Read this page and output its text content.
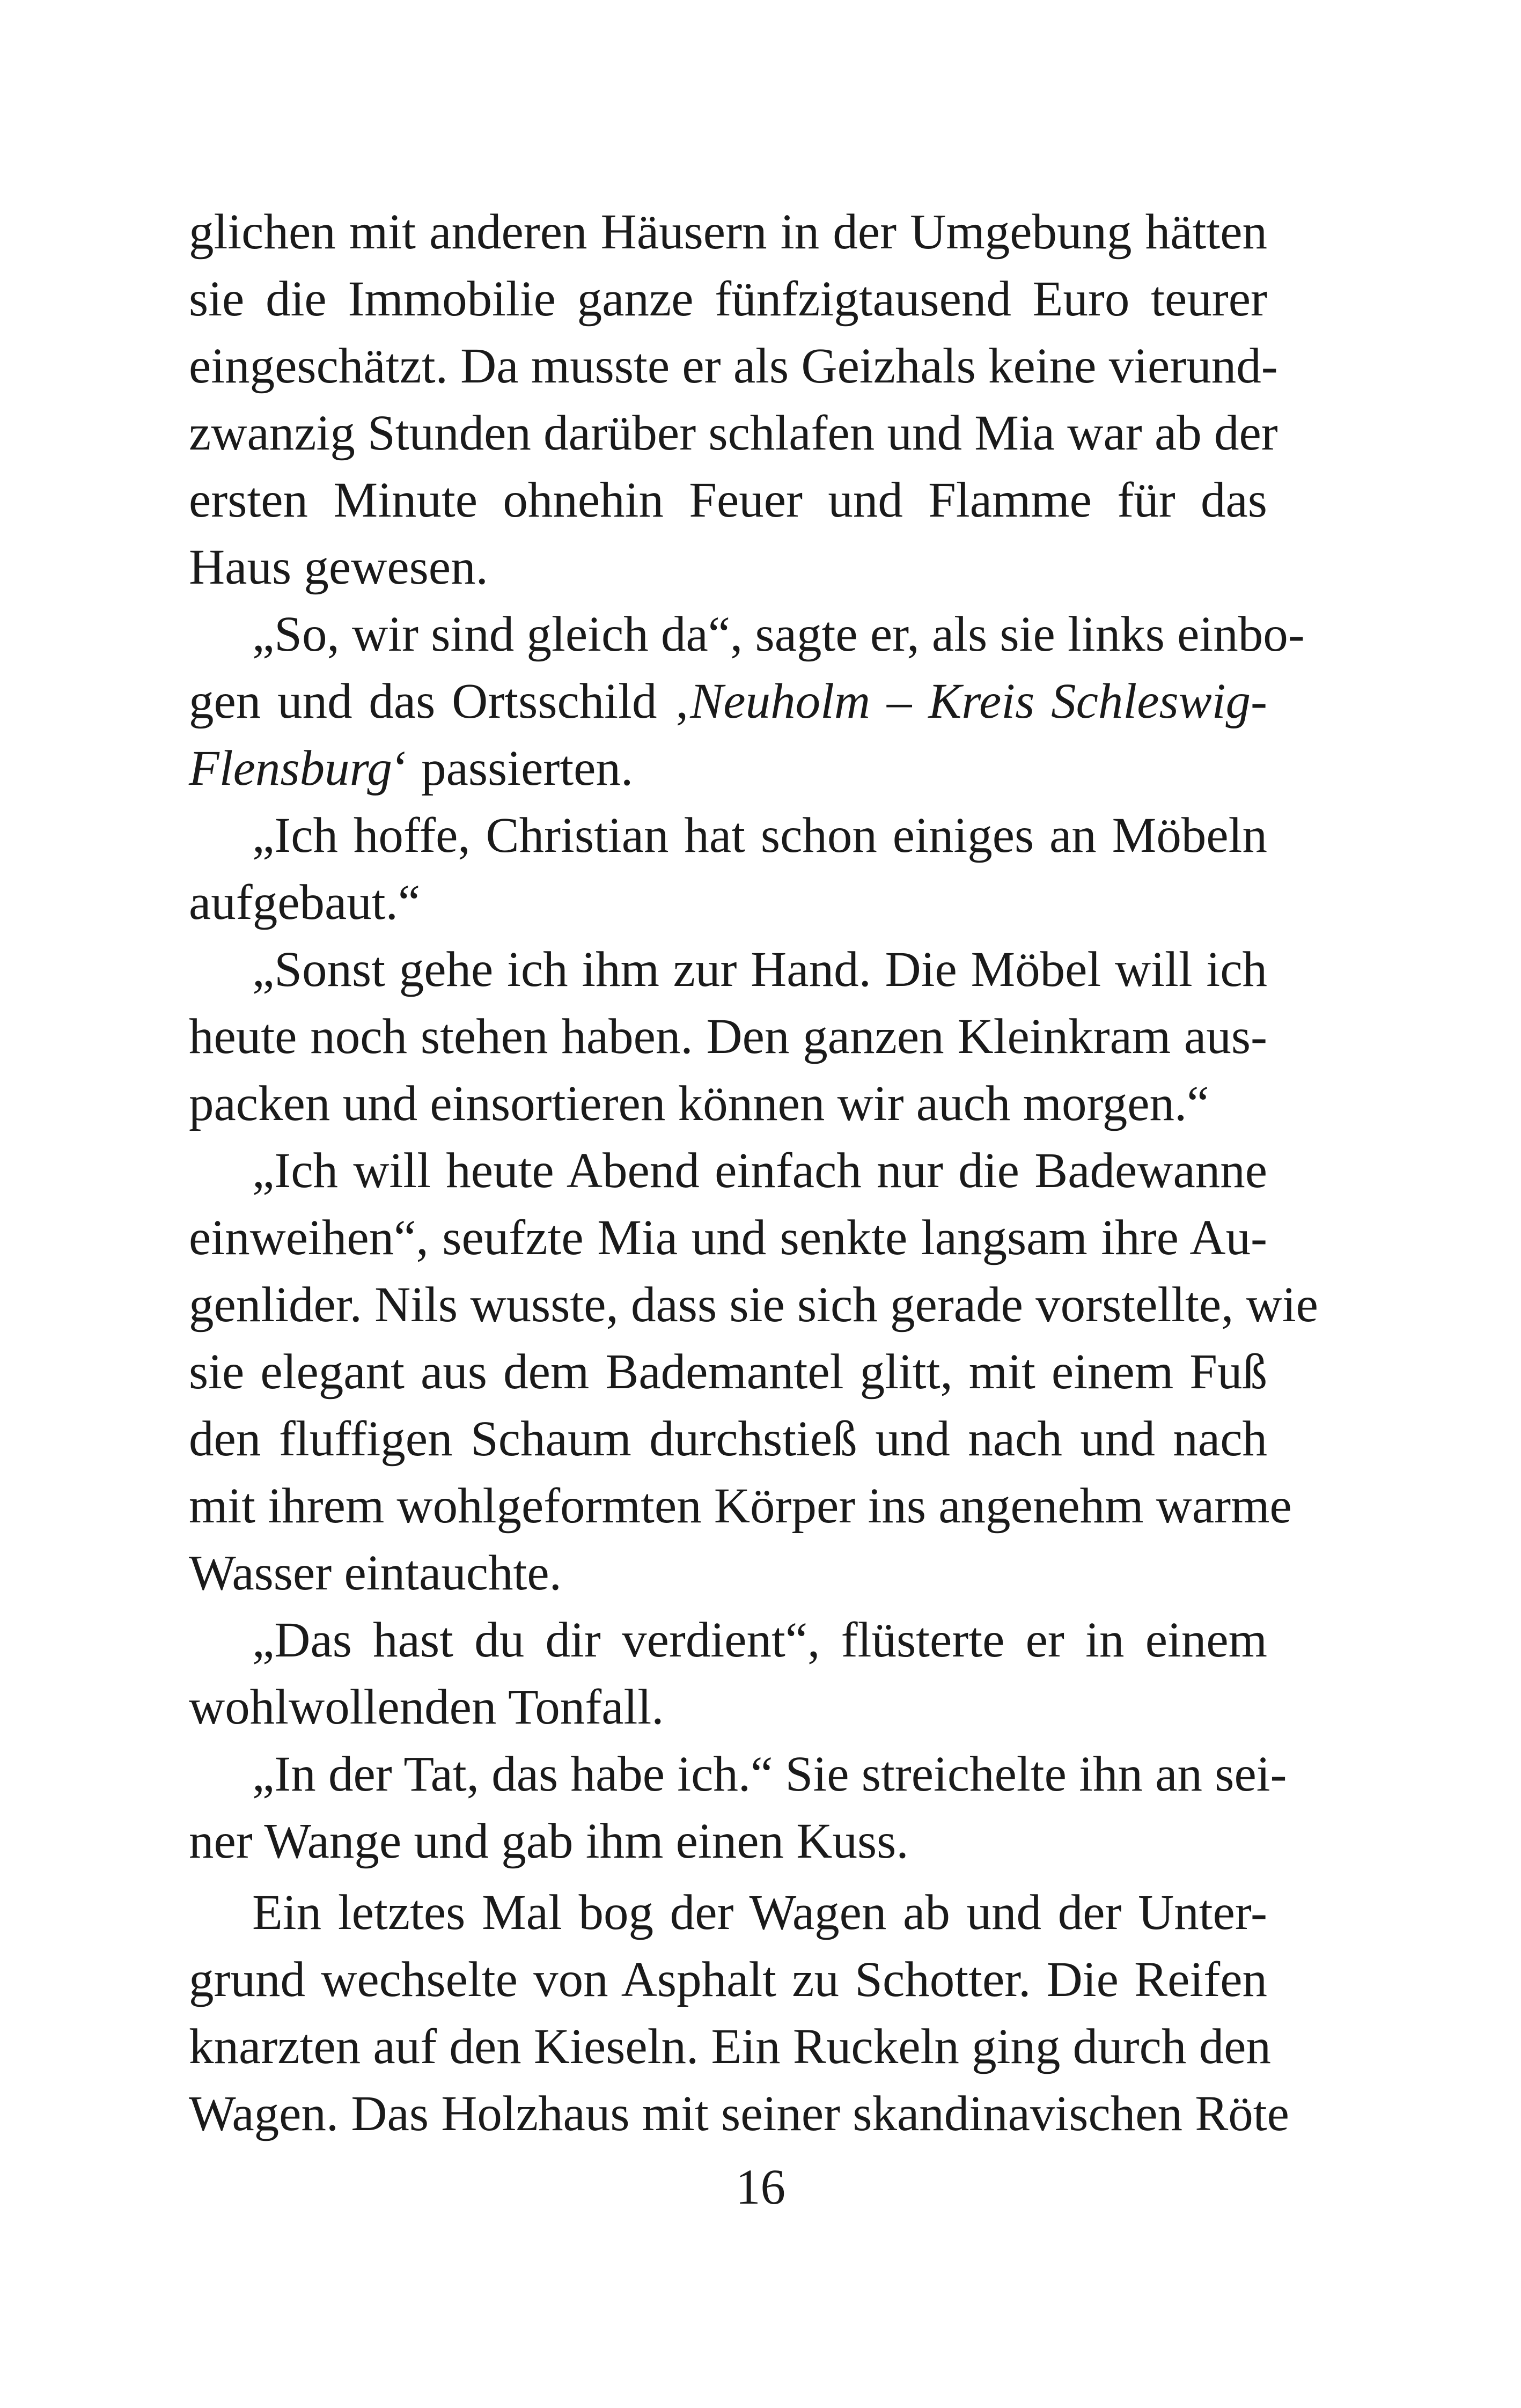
glichen mit anderen Häusern in der Umgebung hätten
sie die Immobilie ganze fünfzigtausend Euro teurer
eingeschätzt. Da musste er als Geizhals keine vierund-
zwanzig Stunden darüber schlafen und Mia war ab der
ersten Minute ohnehin Feuer und Flamme für das
Haus gewesen.
„So, wir sind gleich da“, sagte er, als sie links einbo-
gen und das Ortsschild ‚Neuholm – Kreis Schleswig-
Flensburg‘ passierten.
„Ich hoffe, Christian hat schon einiges an Möbeln
aufgebaut.“
„Sonst gehe ich ihm zur Hand. Die Möbel will ich
heute noch stehen haben. Den ganzen Kleinkram aus-
packen und einsortieren können wir auch morgen.“
„Ich will heute Abend einfach nur die Badewanne
einweihen“, seufzte Mia und senkte langsam ihre Au-
genlider. Nils wusste, dass sie sich gerade vorstellte, wie
sie elegant aus dem Bademantel glitt, mit einem Fuß
den fluffigen Schaum durchstieß und nach und nach
mit ihrem wohlgeformten Körper ins angenehm warme
Wasser eintauchte.
„Das hast du dir verdient“, flüsterte er in einem
wohlwollenden Tonfall.
„In der Tat, das habe ich.“ Sie streichelte ihn an sei-
ner Wange und gab ihm einen Kuss.
Ein letztes Mal bog der Wagen ab und der Unter-
grund wechselte von Asphalt zu Schotter. Die Reifen
knarzten auf den Kieseln. Ein Ruckeln ging durch den
Wagen. Das Holzhaus mit seiner skandinavischen Röte
16
